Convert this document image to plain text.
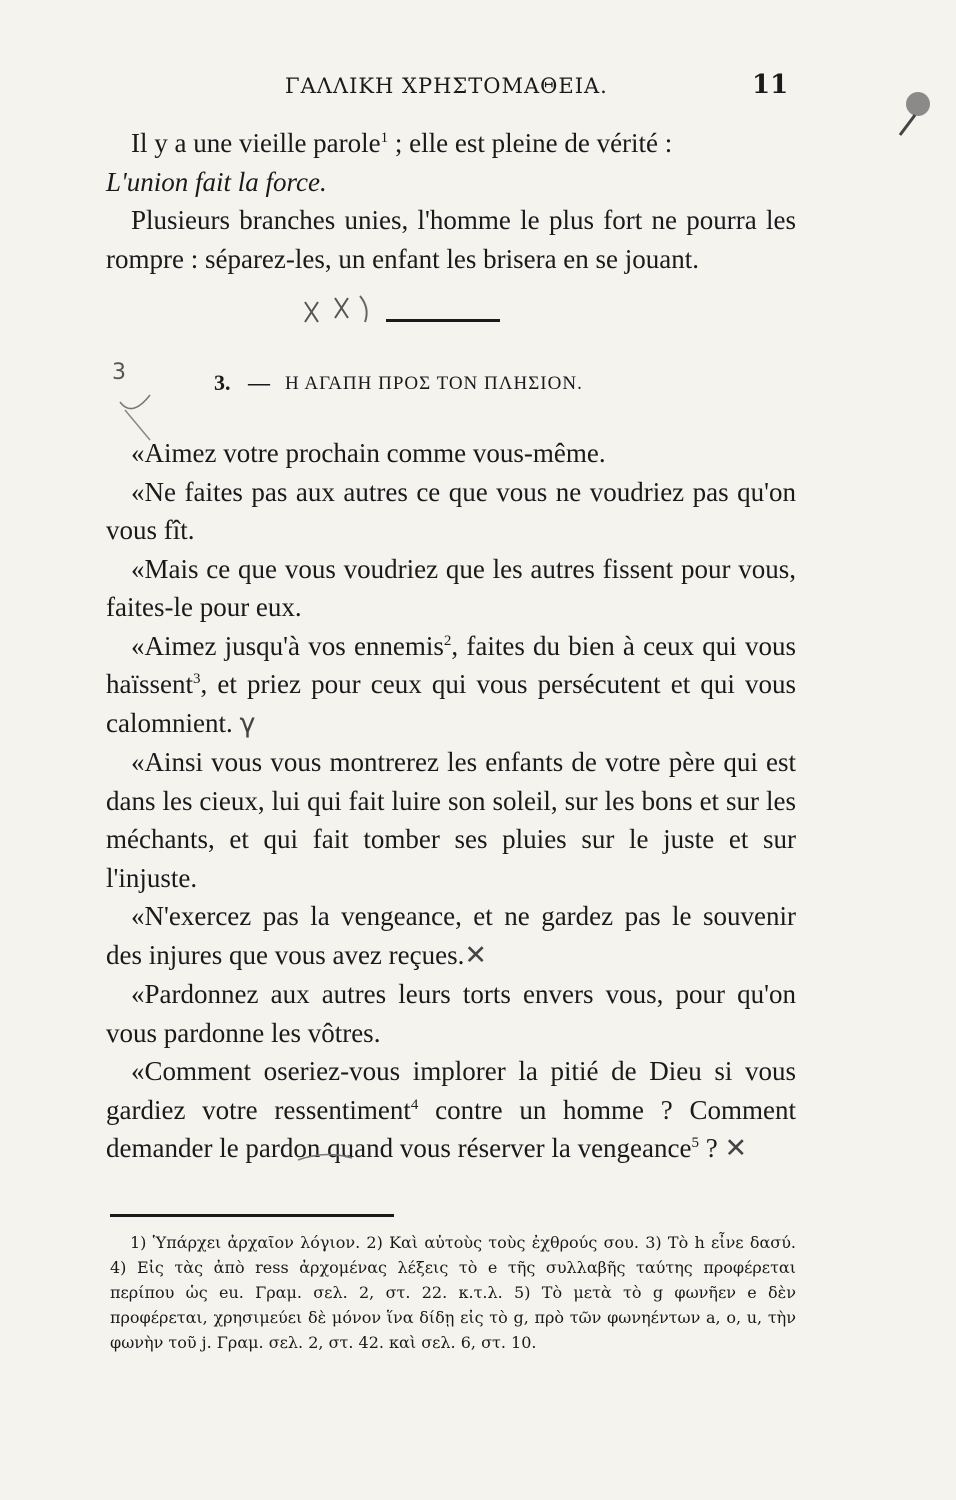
ΓΑΛΛΙΚΗ ΧΡΗΣΤΟΜΑΘΕΙΑ.	11

Il y a une vieille parole$^1$ ; elle est pleine de vérité :
L'union fait la force.

Plusieurs branches unies, l'homme le plus fort ne pourra les rompre : séparez-les, un enfant les brisera en se jouant.

3. — Η ΑΓΑΠΗ ΠΡΟΣ ΤΟΝ ΠΛΗΣΙΟΝ.

«Aimez votre prochain comme vous-même.

«Ne faites pas aux autres ce que vous ne voudriez pas qu'on vous fît.

«Mais ce que vous voudriez que les autres fissent pour vous, faites-le pour eux.

«Aimez jusqu'à vos ennemis$^2$, faites du bien à ceux qui vous haïssent$^3$, et priez pour ceux qui vous persécutent et qui vous calomnient. γ

«Ainsi vous vous montrerez les enfants de votre père qui est dans les cieux, lui qui fait luire son soleil, sur les bons et sur les méchants, et qui fait tomber ses pluies sur le juste et sur l'injuste.

«N'exercez pas la vengeance, et ne gardez pas le souvenir des injures que vous avez reçues.✕

«Pardonnez aux autres leurs torts envers vous, pour qu'on vous pardonne les vôtres.

«Comment oseriez-vous implorer la pitié de Dieu si vous gardiez votre ressentiment$^4$ contre un homme ? Comment demander le pardon quand vous réserver la vengeance$^5$ ? ✕

1) Ὑπάρχει ἀρχαῖον λόγιον. 2) Καὶ αὐτοὺς τοὺς ἐχθρούς σου. 3) Τὸ h εἶνε δασύ. 4) Εἰς τὰς ἀπὸ ress ἀρχομένας λέξεις τὸ e τῆς συλλαβῆς ταύτης προφέρεται περίπου ὡς eu. Γραμ. σελ. 2, στ. 22. κ.τ.λ. 5) Τὸ μετὰ τὸ g φωνῆεν e δὲν προφέρεται, χρησιμεύει δὲ μόνον ἵνα δίδῃ εἰς τὸ g, πρὸ τῶν φωνηέντων a, o, u, τὴν φωνὴν τοῦ j. Γραμ. σελ. 2, στ. 42. καὶ σελ. 6, στ. 10.

3
